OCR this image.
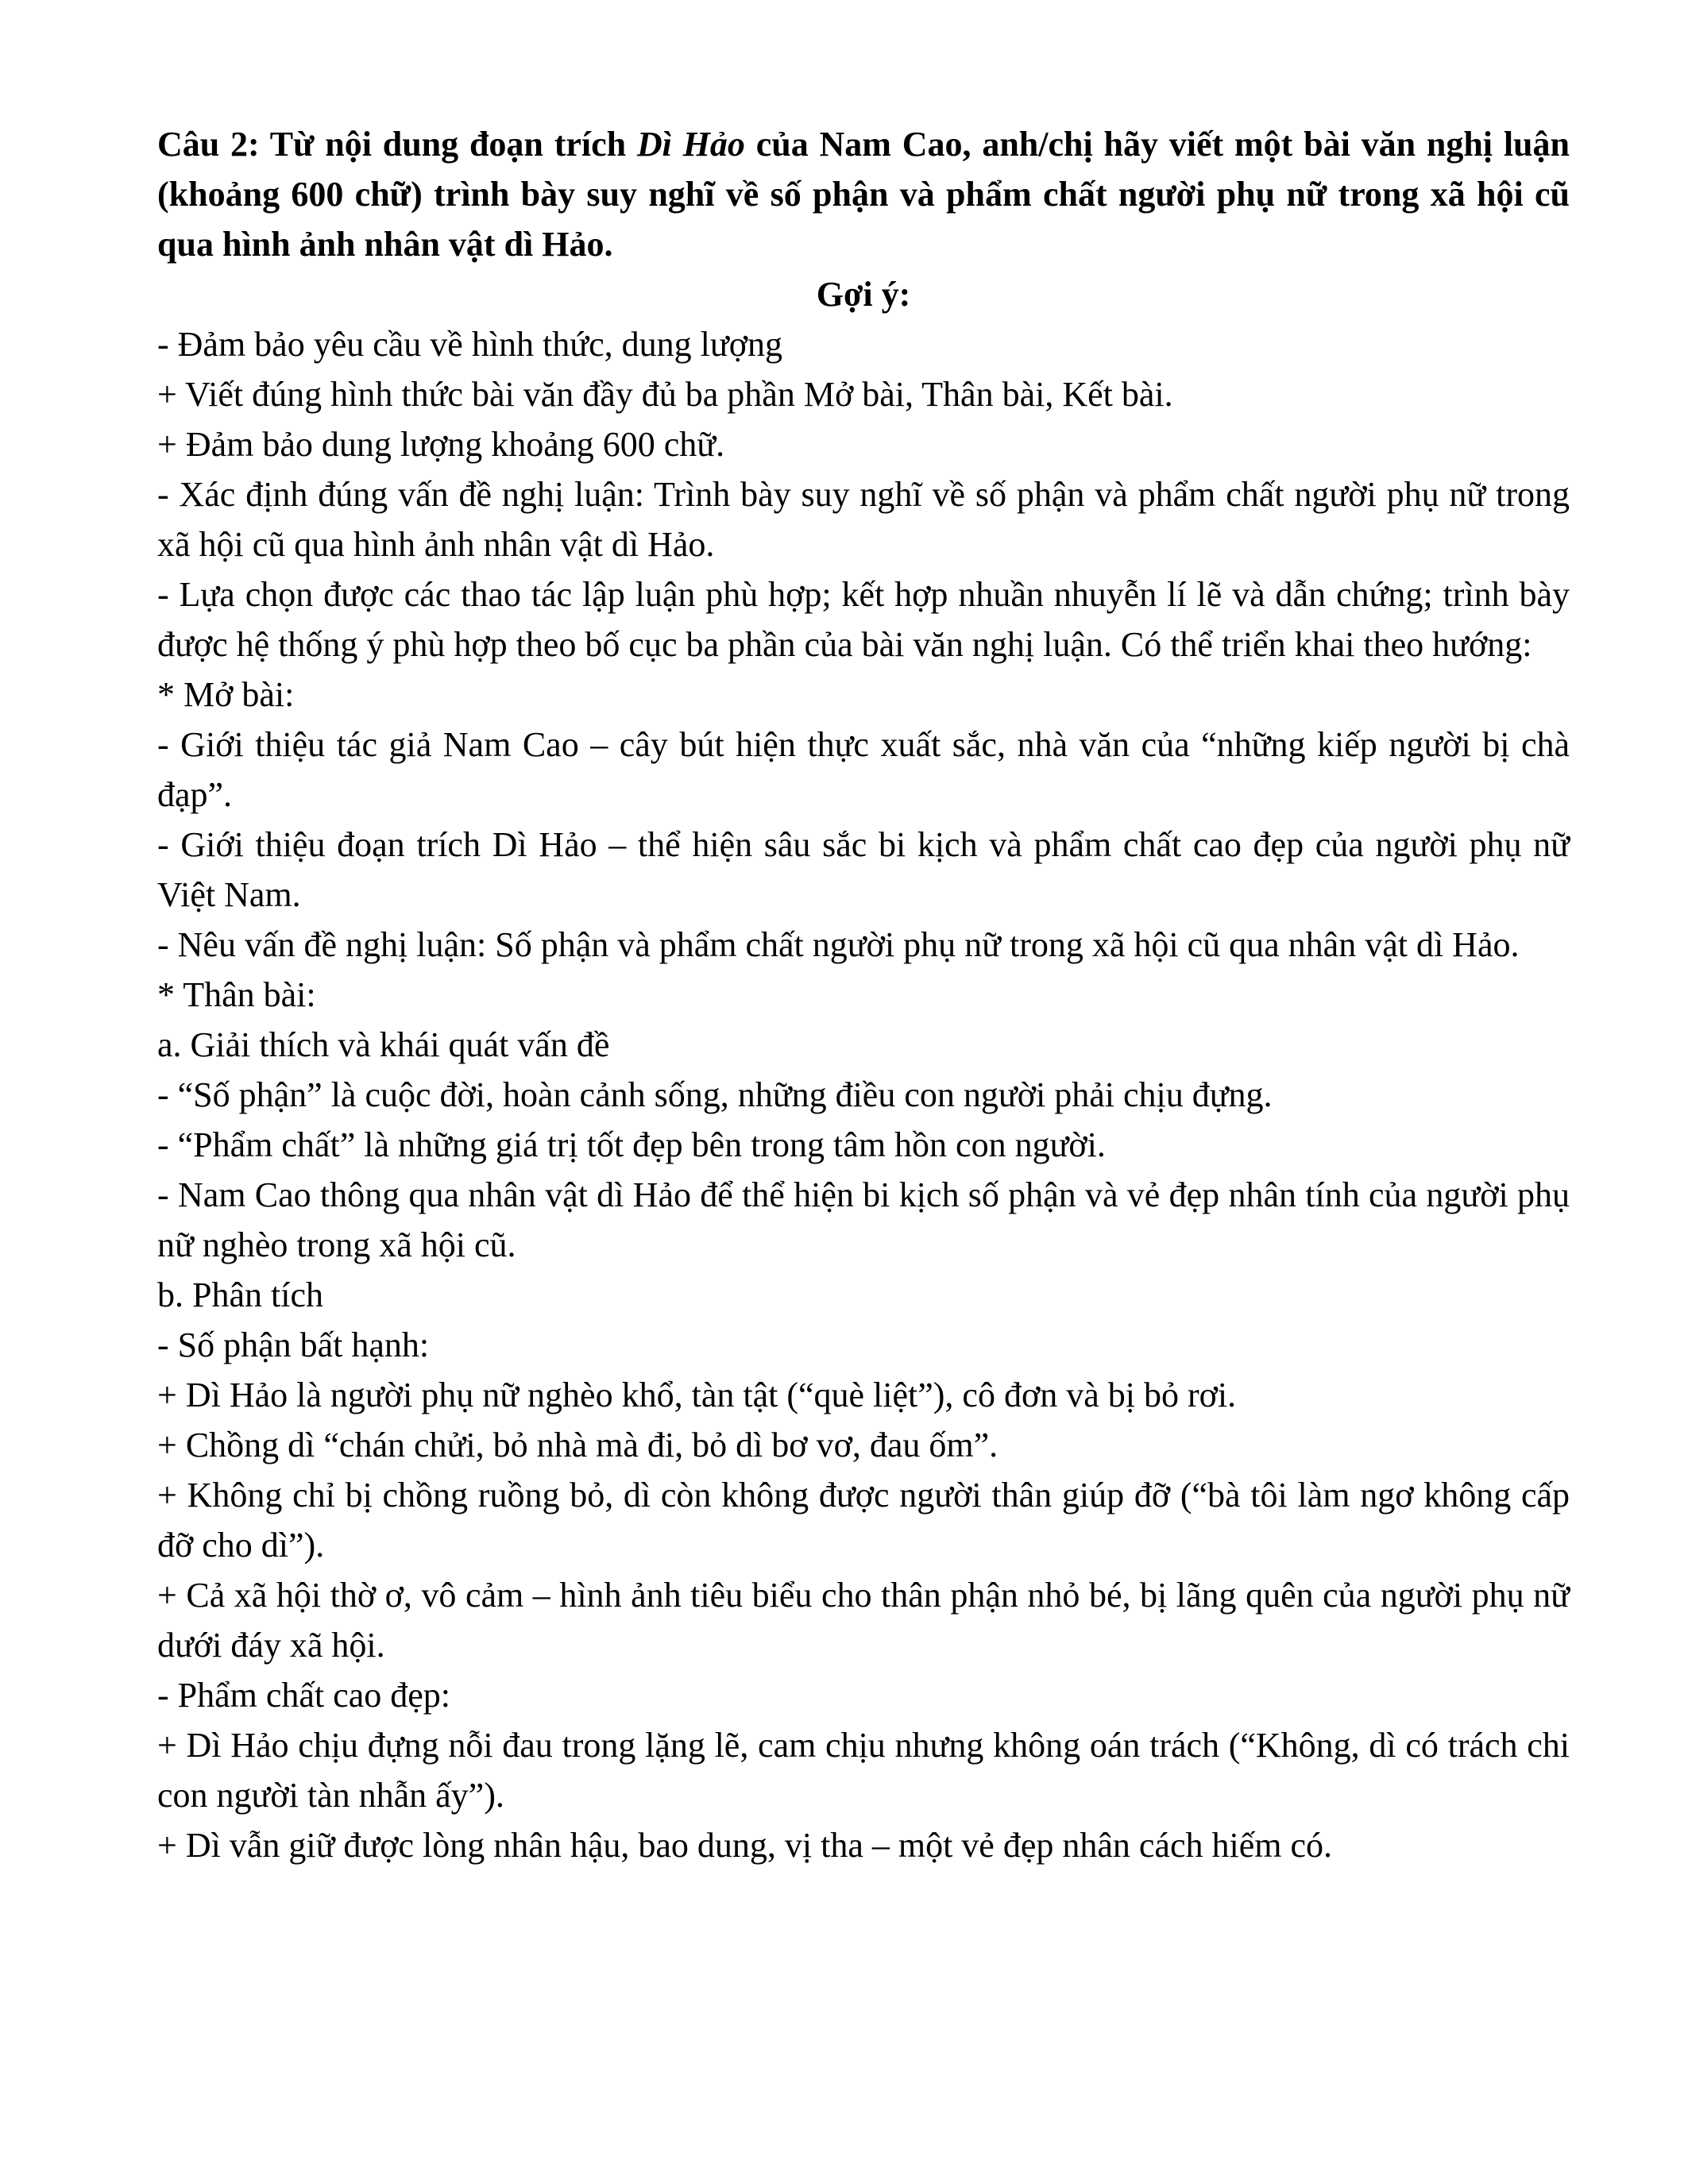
Câu 2: Từ nội dung đoạn trích Dì Hảo của Nam Cao, anh/chị hãy viết một bài văn nghị luận (khoảng 600 chữ) trình bày suy nghĩ về số phận và phẩm chất người phụ nữ trong xã hội cũ qua hình ảnh nhân vật dì Hảo.

Gợi ý:

- Đảm bảo yêu cầu về hình thức, dung lượng

+ Viết đúng hình thức bài văn đầy đủ ba phần Mở bài, Thân bài, Kết bài.

+ Đảm bảo dung lượng khoảng 600 chữ.

- Xác định đúng vấn đề nghị luận: Trình bày suy nghĩ về số phận và phẩm chất người phụ nữ trong xã hội cũ qua hình ảnh nhân vật dì Hảo.

- Lựa chọn được các thao tác lập luận phù hợp; kết hợp nhuần nhuyễn lí lẽ và dẫn chứng; trình bày được hệ thống ý phù hợp theo bố cục ba phần của bài văn nghị luận. Có thể triển khai theo hướng:

* Mở bài:

- Giới thiệu tác giả Nam Cao – cây bút hiện thực xuất sắc, nhà văn của “những kiếp người bị chà đạp”.

- Giới thiệu đoạn trích Dì Hảo – thể hiện sâu sắc bi kịch và phẩm chất cao đẹp của người phụ nữ Việt Nam.

- Nêu vấn đề nghị luận: Số phận và phẩm chất người phụ nữ trong xã hội cũ qua nhân vật dì Hảo.

* Thân bài:

a. Giải thích và khái quát vấn đề

- “Số phận” là cuộc đời, hoàn cảnh sống, những điều con người phải chịu đựng.

- “Phẩm chất” là những giá trị tốt đẹp bên trong tâm hồn con người.

- Nam Cao thông qua nhân vật dì Hảo để thể hiện bi kịch số phận và vẻ đẹp nhân tính của người phụ nữ nghèo trong xã hội cũ.

b. Phân tích

- Số phận bất hạnh:

+ Dì Hảo là người phụ nữ nghèo khổ, tàn tật (“què liệt”), cô đơn và bị bỏ rơi.

+ Chồng dì “chán chửi, bỏ nhà mà đi, bỏ dì bơ vơ, đau ốm”.

+ Không chỉ bị chồng ruồng bỏ, dì còn không được người thân giúp đỡ (“bà tôi làm ngơ không cấp đỡ cho dì”).

+ Cả xã hội thờ ơ, vô cảm – hình ảnh tiêu biểu cho thân phận nhỏ bé, bị lãng quên của người phụ nữ dưới đáy xã hội.

- Phẩm chất cao đẹp:

+ Dì Hảo chịu đựng nỗi đau trong lặng lẽ, cam chịu nhưng không oán trách (“Không, dì có trách chi con người tàn nhẫn ấy”).

+ Dì vẫn giữ được lòng nhân hậu, bao dung, vị tha – một vẻ đẹp nhân cách hiếm có.
